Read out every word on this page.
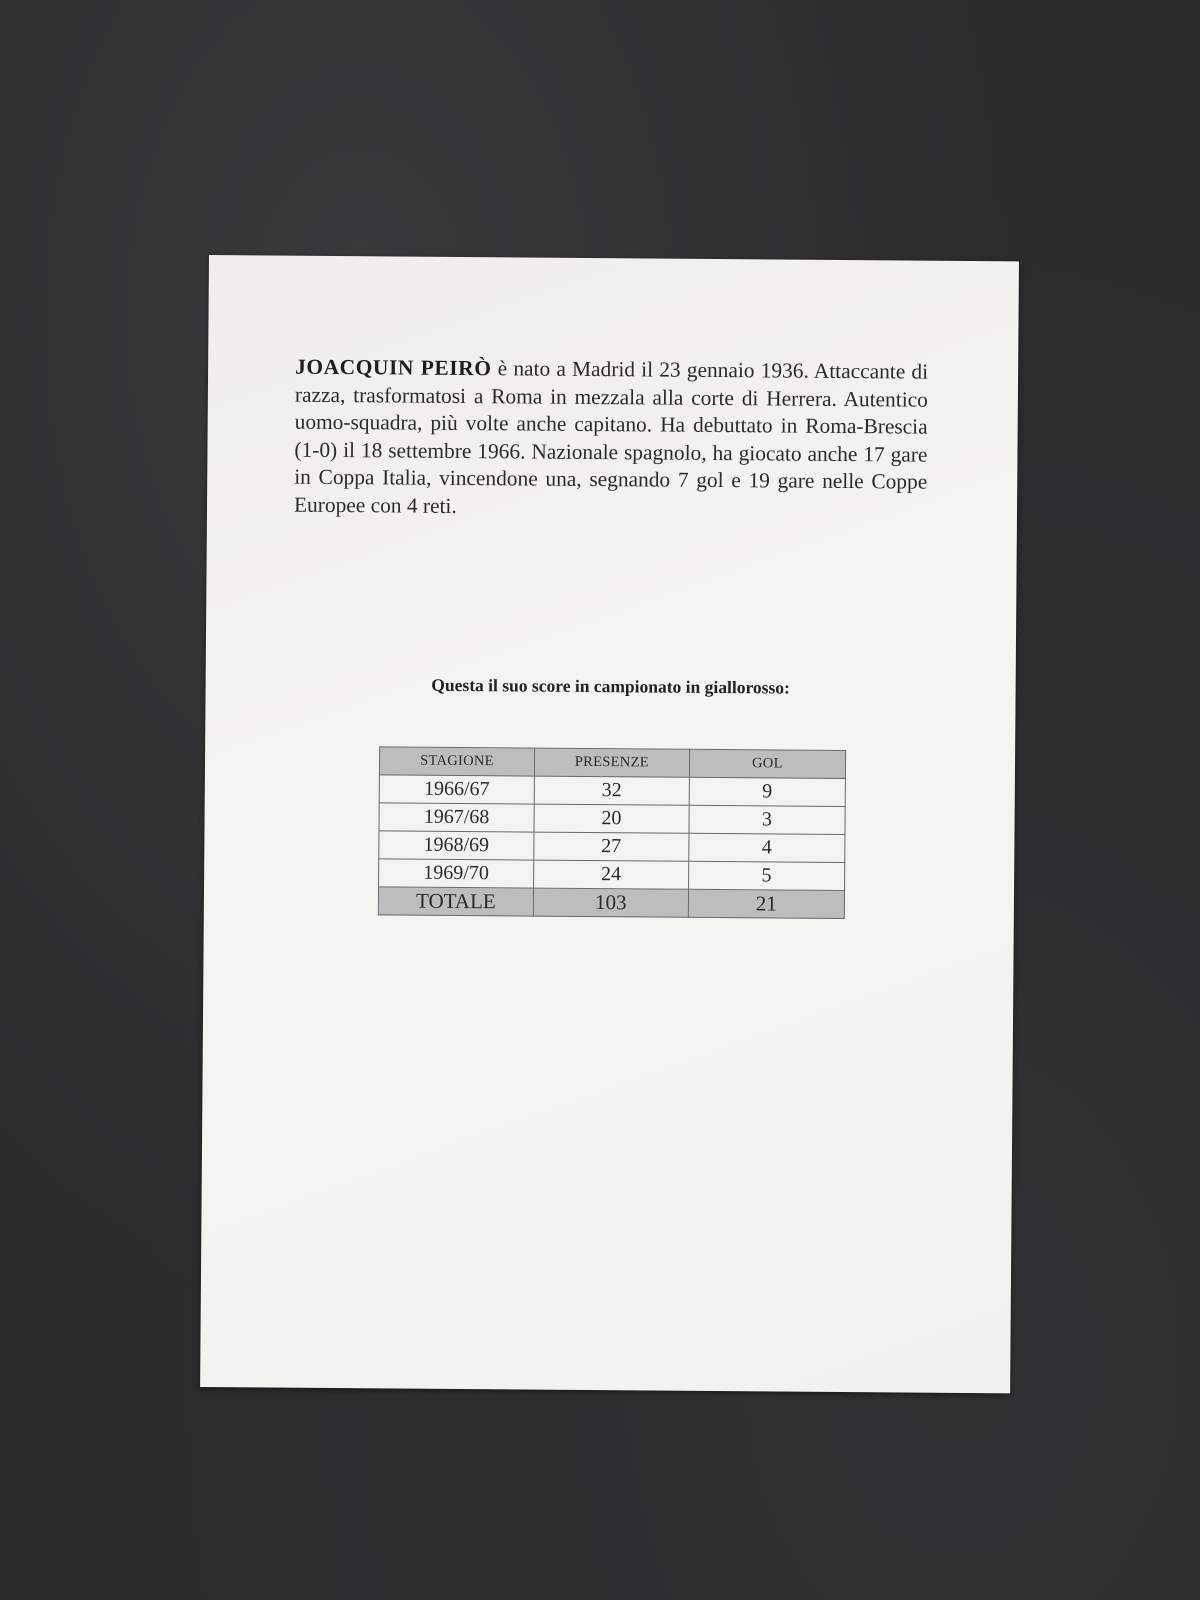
JOACQUIN PEIRÒ è nato a Madrid il 23 gennaio 1936. Attaccante di razza, trasformatosi a Roma in mezzala alla corte di Herrera. Autentico uomo-squadra, più volte anche capitano. Ha debuttato in Roma-Brescia (1-0) il 18 settembre 1966. Nazionale spagnolo, ha giocato anche 17 gare in Coppa Italia, vincendone una, segnando 7 gol e 19 gare nelle Coppe Europee con 4 reti.

Questa il suo score in campionato in giallorosso:

STAGIONE	PRESENZE	GOL
1966/67	32	9
1967/68	20	3
1968/69	27	4
1969/70	24	5
TOTALE	103	21
